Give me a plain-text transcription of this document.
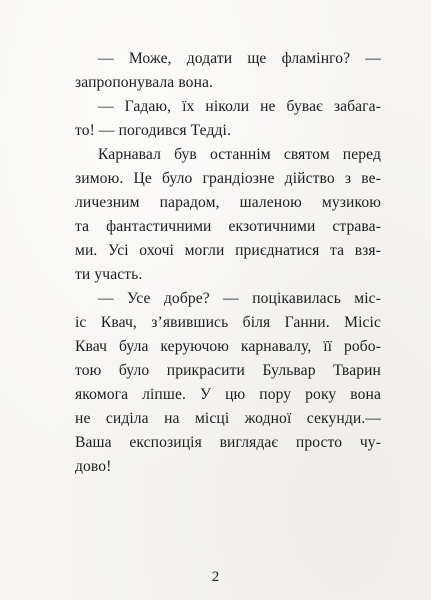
— Може, додати ще фламінго? —
запропонувала вона.
— Гадаю, їх ніколи не буває забага-
то! — погодився Тедді.
Карнавал був останнім святом перед
зимою. Це було грандіозне дійство з ве-
личезним парадом, шаленою музикою
та фантастичними екзотичними страва-
ми. Усі охочі могли приєднатися та взя-
ти участь.
— Усе добре? — поцікавилась міс-
іс Квач, з’явившись біля Ганни. Місіс
Квач була керуючою карнавалу, її робо-
тою було прикрасити Бульвар Тварин
якомога ліпше. У цю пору року вона
не сиділа на місці жодної секунди.—
Ваша експозиція виглядає просто чу-
дово!
2
